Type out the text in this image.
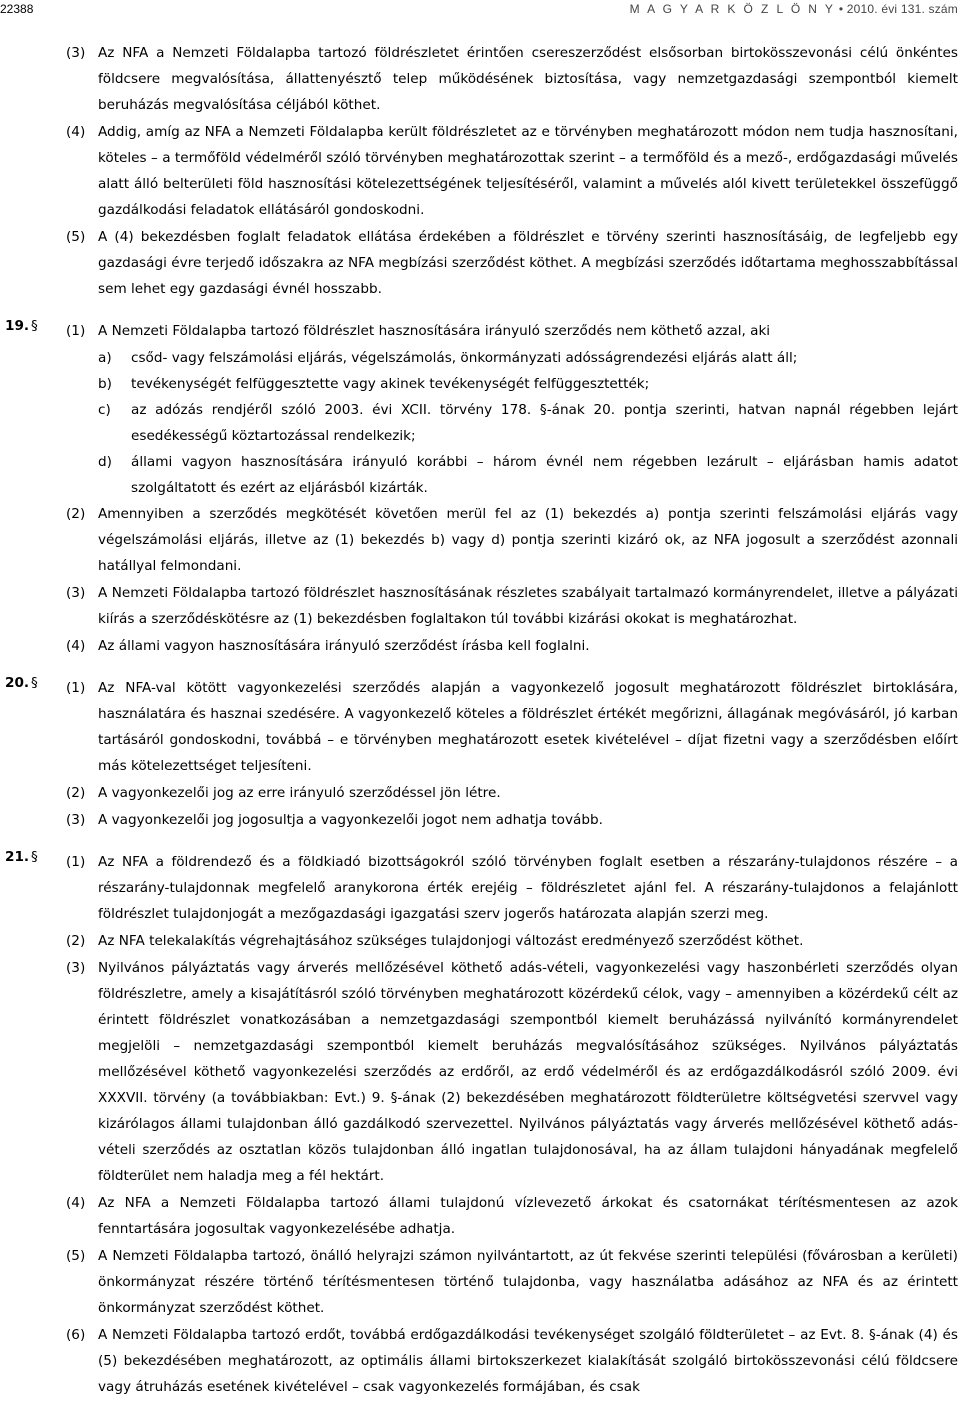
22388	M A G Y A R K Ö Z L Ö N Y • 2010. évi 131. szám
(3) Az NFA a Nemzeti Földalapba tartozó földrészletet érintően csereszerződést elsősorban birtokösszevonási célú önkéntes földcsere megvalósítása, állattenyésztő telep működésének biztosítása, vagy nemzetgazdasági szempontból kiemelt beruházás megvalósítása céljából köthet.
(4) Addig, amíg az NFA a Nemzeti Földalapba került földrészletet az e törvényben meghatározott módon nem tudja hasznosítani, köteles – a termőföld védelméről szóló törvényben meghatározottak szerint – a termőföld és a mező-, erdőgazdasági művelés alatt álló belterületi föld hasznosítási kötelezettségének teljesítéséről, valamint a művelés alól kivett területekkel összefüggő gazdálkodási feladatok ellátásáról gondoskodni.
(5) A (4) bekezdésben foglalt feladatok ellátása érdekében a földrészlet e törvény szerinti hasznosításáig, de legfeljebb egy gazdasági évre terjedő időszakra az NFA megbízási szerződést köthet. A megbízási szerződés időtartama meghosszabbítással sem lehet egy gazdasági évnél hosszabb.
19. § (1) A Nemzeti Földalapba tartozó földrészlet hasznosítására irányuló szerződés nem köthető azzal, aki
a) csőd- vagy felszámolási eljárás, végelszámolás, önkormányzati adósságrendezési eljárás alatt áll;
b) tevékenységét felfüggesztette vagy akinek tevékenységét felfüggesztették;
c) az adózás rendjéről szóló 2003. évi XCII. törvény 178. §-ának 20. pontja szerinti, hatvan napnál régebben lejárt esedékességű köztartozással rendelkezik;
d) állami vagyon hasznosítására irányuló korábbi – három évnél nem régebben lezárult – eljárásban hamis adatot szolgáltatott és ezért az eljárásból kizárták.
(2) Amennyiben a szerződés megkötését követően merül fel az (1) bekezdés a) pontja szerinti felszámolási eljárás vagy végelszámolási eljárás, illetve az (1) bekezdés b) vagy d) pontja szerinti kizáró ok, az NFA jogosult a szerződést azonnali hatállyal felmondani.
(3) A Nemzeti Földalapba tartozó földrészlet hasznosításának részletes szabályait tartalmazó kormányrendelet, illetve a pályázati kiírás a szerződéskötésre az (1) bekezdésben foglaltakon túl további kizárási okokat is meghatározhat.
(4) Az állami vagyon hasznosítására irányuló szerződést írásba kell foglalni.
20. § (1) Az NFA-val kötött vagyonkezelési szerződés alapján a vagyonkezelő jogosult meghatározott földrészlet birtoklására, használatára és hasznai szedésére. A vagyonkezelő köteles a földrészlet értékét megőrizni, állagának megóvásáról, jó karban tartásáról gondoskodni, továbbá – e törvényben meghatározott esetek kivételével – díjat fizetni vagy a szerződésben előírt más kötelezettséget teljesíteni.
(2) A vagyonkezelői jog az erre irányuló szerződéssel jön létre.
(3) A vagyonkezelői jog jogosultja a vagyonkezelői jogot nem adhatja tovább.
21. § (1) Az NFA a földrendező és a földkiadó bizottságokról szóló törvényben foglalt esetben a részarány-tulajdonos részére – a részarány-tulajdonnak megfelelő aranykorona érték erejéig – földrészletet ajánl fel. A részarány-tulajdonos a felajánlott földrészlet tulajdonjogát a mezőgazdasági igazgatási szerv jogerős határozata alapján szerzi meg.
(2) Az NFA telekalakítás végrehajtásához szükséges tulajdonjogi változást eredményező szerződést köthet.
(3) Nyilvános pályáztatás vagy árverés mellőzésével köthető adás-vételi, vagyonkezelési vagy haszonbérleti szerződés olyan földrészletre, amely a kisajátításról szóló törvényben meghatározott közérdekű célok, vagy – amennyiben a közérdekű célt az érintett földrészlet vonatkozásában a nemzetgazdasági szempontból kiemelt beruházássá nyilvánító kormányrendelet megjelöli – nemzetgazdasági szempontból kiemelt beruházás megvalósításához szükséges. Nyilvános pályáztatás mellőzésével köthető vagyonkezelési szerződés az erdőről, az erdő védelméről és az erdőgazdálkodásról szóló 2009. évi XXXVII. törvény (a továbbiakban: Evt.) 9. §-ának (2) bekezdésében meghatározott földterületre költségvetési szervvel vagy kizárólagos állami tulajdonban álló gazdálkodó szervezettel. Nyilvános pályáztatás vagy árverés mellőzésével köthető adás-vételi szerződés az osztatlan közös tulajdonban álló ingatlan tulajdonosával, ha az állam tulajdoni hányadának megfelelő földterület nem haladja meg a fél hektárt.
(4) Az NFA a Nemzeti Földalapba tartozó állami tulajdonú vízlevezető árkokat és csatornákat térítésmentesen az azok fenntartására jogosultak vagyonkezelésébe adhatja.
(5) A Nemzeti Földalapba tartozó, önálló helyrajzi számon nyilvántartott, az út fekvése szerinti települési (fővárosban a kerületi) önkormányzat részére történő térítésmentesen történő tulajdonba, vagy használatba adásához az NFA és az érintett önkormányzat szerződést köthet.
(6) A Nemzeti Földalapba tartozó erdőt, továbbá erdőgazdálkodási tevékenységet szolgáló földterületet – az Evt. 8. §-ának (4) és (5) bekezdésében meghatározott, az optimális állami birtokszerkezet kialakítását szolgáló birtokösszevonási célú földcsere vagy átruházás esetének kivételével – csak vagyonkezelés formájában, és csak
